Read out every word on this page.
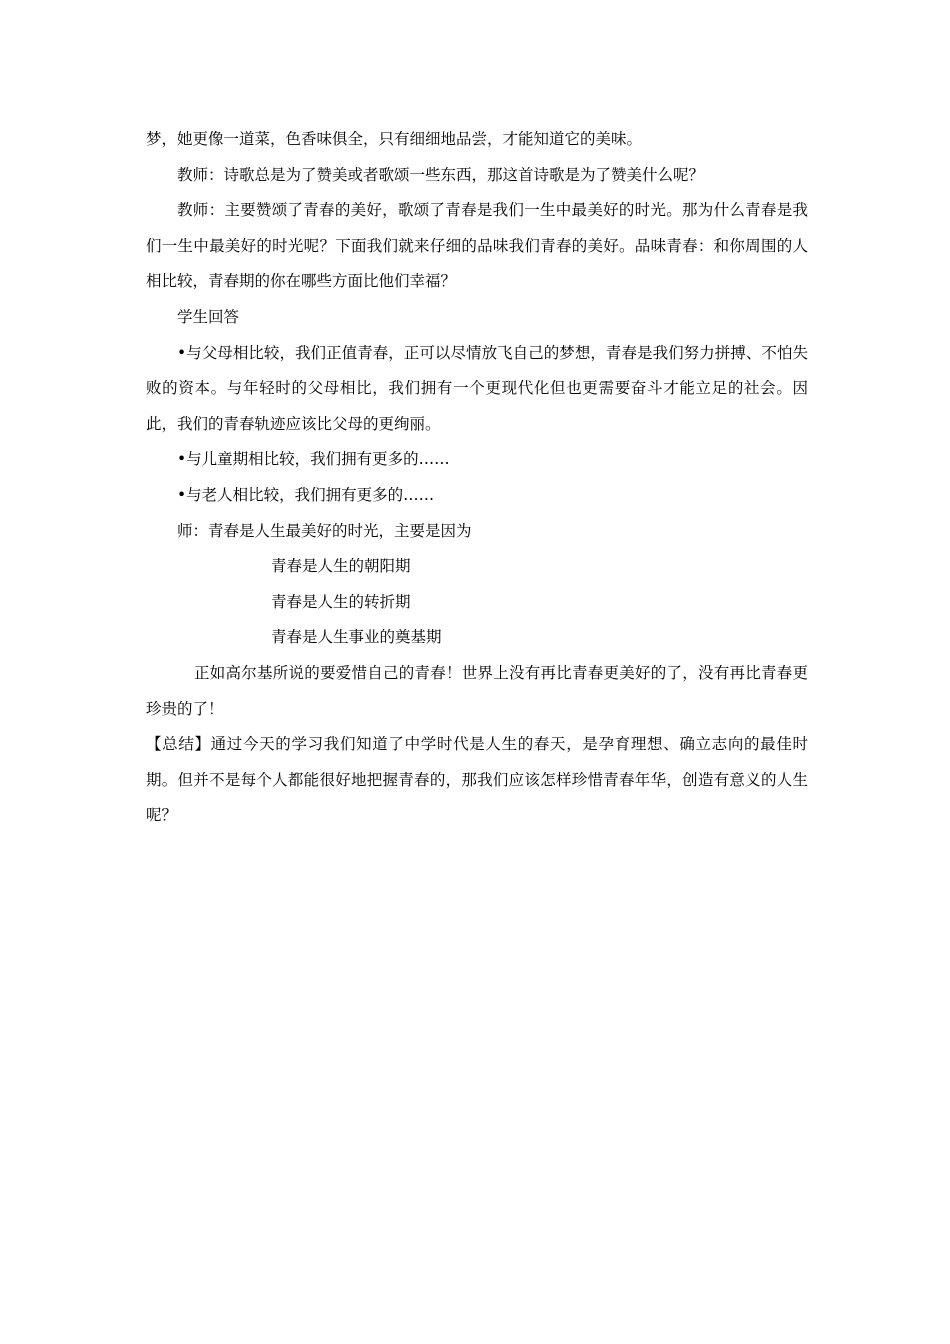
梦，她更像一道菜，色香味俱全，只有细细地品尝，才能知道它的美味。

教师：诗歌总是为了赞美或者歌颂一些东西，那这首诗歌是为了赞美什么呢？

教师：主要赞颂了青春的美好，歌颂了青春是我们一生中最美好的时光。那为什么青春是我们一生中最美好的时光呢？下面我们就来仔细的品味我们青春的美好。品味青春：和你周围的人相比较，青春期的你在哪些方面比他们幸福？

学生回答

•与父母相比较，我们正值青春，正可以尽情放飞自己的梦想，青春是我们努力拼搏、不怕失败的资本。与年轻时的父母相比，我们拥有一个更现代化但也更需要奋斗才能立足的社会。因此，我们的青春轨迹应该比父母的更绚丽。

•与儿童期相比较，我们拥有更多的……

•与老人相比较，我们拥有更多的……

师：青春是人生最美好的时光，主要是因为

青春是人生的朝阳期

青春是人生的转折期

青春是人生事业的奠基期

正如高尔基所说的要爱惜自己的青春！世界上没有再比青春更美好的了，没有再比青春更珍贵的了！

【总结】通过今天的学习我们知道了中学时代是人生的春天，是孕育理想、确立志向的最佳时期。但并不是每个人都能很好地把握青春的，那我们应该怎样珍惜青春年华，创造有意义的人生呢？
